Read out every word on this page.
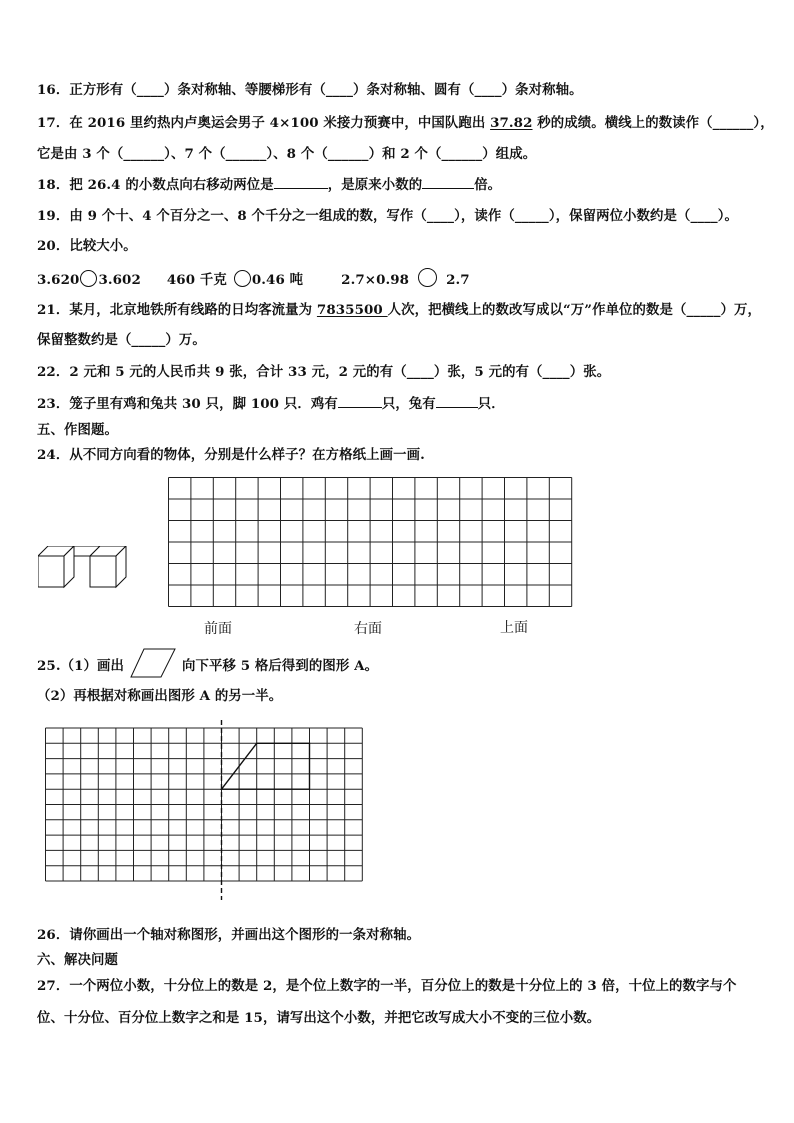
16．正方形有（____）条对称轴、等腰梯形有（____）条对称轴、圆有（____）条对称轴。
17．在 2016 里约热内卢奥运会男子 4×100 米接力预赛中，中国队跑出 37.82 秒的成绩。横线上的数读作（______），
它是由 3 个（______）、7 个（______）、8 个（______）和 2 个（______）组成。
18．把 26.4 的小数点向右移动两位是	，是原来小数的	倍。
19．由 9 个十、4 个百分之一、8 个千分之一组成的数，写作（____），读作（_____），保留两位小数约是（____）。
20．比较大小。
3.620 3.602 460 千克 0.46 吨	2.7×0.98	2.7
21．某月，北京地铁所有线路的日均客流量为 7835500 人次，把横线上的数改写成以“万”作单位的数是（_____）万，
保留整数约是（_____）万。
22．2 元和 5 元的人民币共 9 张，合计 33 元，2 元的有（____）张，5 元的有（____）张。
23．笼子里有鸡和兔共 30 只，脚 100 只．鸡有	只，兔有	只．
五、作图题。
24．从不同方向看的物体，分别是什么样子？在方格纸上画一画.
前面	右面	上面
25.（1）画出	向下平移 5 格后得到的图形 A。
（2）再根据对称画出图形 A 的另一半。
26．请你画出一个轴对称图形，并画出这个图形的一条对称轴。
六、解决问题
27．一个两位小数，十分位上的数是 2，是个位上数字的一半，百分位上的数是十分位上的 3 倍，十位上的数字与个
位、十分位、百分位上数字之和是 15，请写出这个小数，并把它改写成大小不变的三位小数。
